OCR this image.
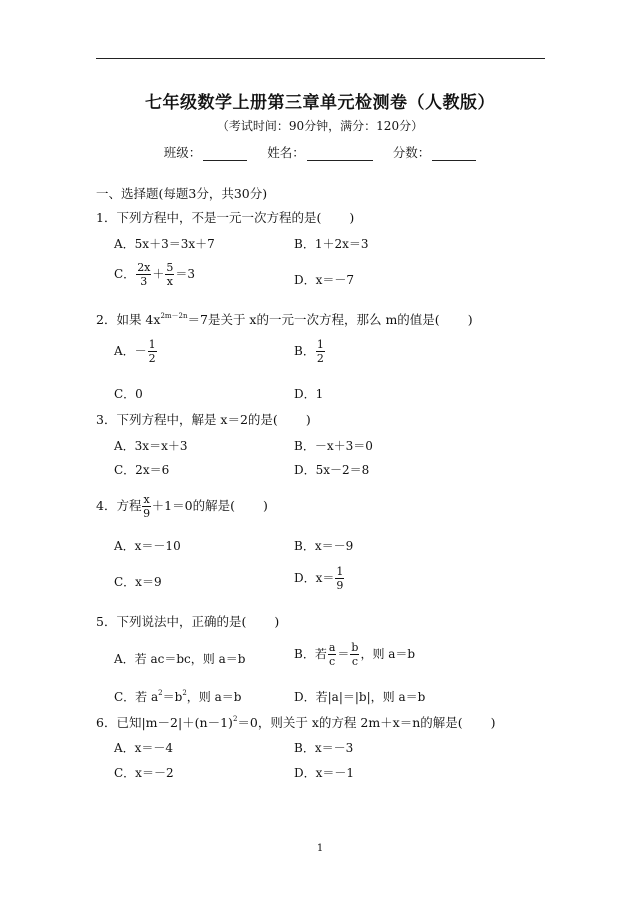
七年级数学上册第三章单元检测卷（人教版）
（考试时间：90分钟，满分：120分）
班级：	姓名：	分数：
一、选择题(每题3分，共30分)
1．下列方程中，不是一元一次方程的是( )
A．5x＋3＝3x＋7	B．1＋2x＝3
C． $\frac{2x}{3} + \frac{5}{x} =3$	D．x＝－7
2．如果 $4x^{2m-2n}=7$是关于 x的一元一次方程，那么 m的值是( )
A．－ $\frac{1}{2}$	B． $\frac{1}{2}$
C．0	D．1
3．下列方程中，解是 x＝2的是( )
A．3x＝x＋3	B．－x＋3＝0
C．2x＝6	D．5x－2＝8
4．方程 $\frac{x}{9} +1=0$的解是( )
A．x＝－10	B．x＝－9
C．x＝9	D．$x= \frac{1}{9}$
5．下列说法中，正确的是( )
A．若 ac＝bc，则 a＝b	B．若 $\frac{a}{c} = \frac{b}{c}$ ，则 a＝b
C．若 $a^2=b^2$，则 a＝b	D．若|a|＝|b|，则 a＝b
6．已知$|m-2|+(n-1)^2=0$，则关于 x的方程 2m＋x＝n的解是( )
A．x＝－4	B．x＝－3
C．x＝－2	D．x＝－1
1
